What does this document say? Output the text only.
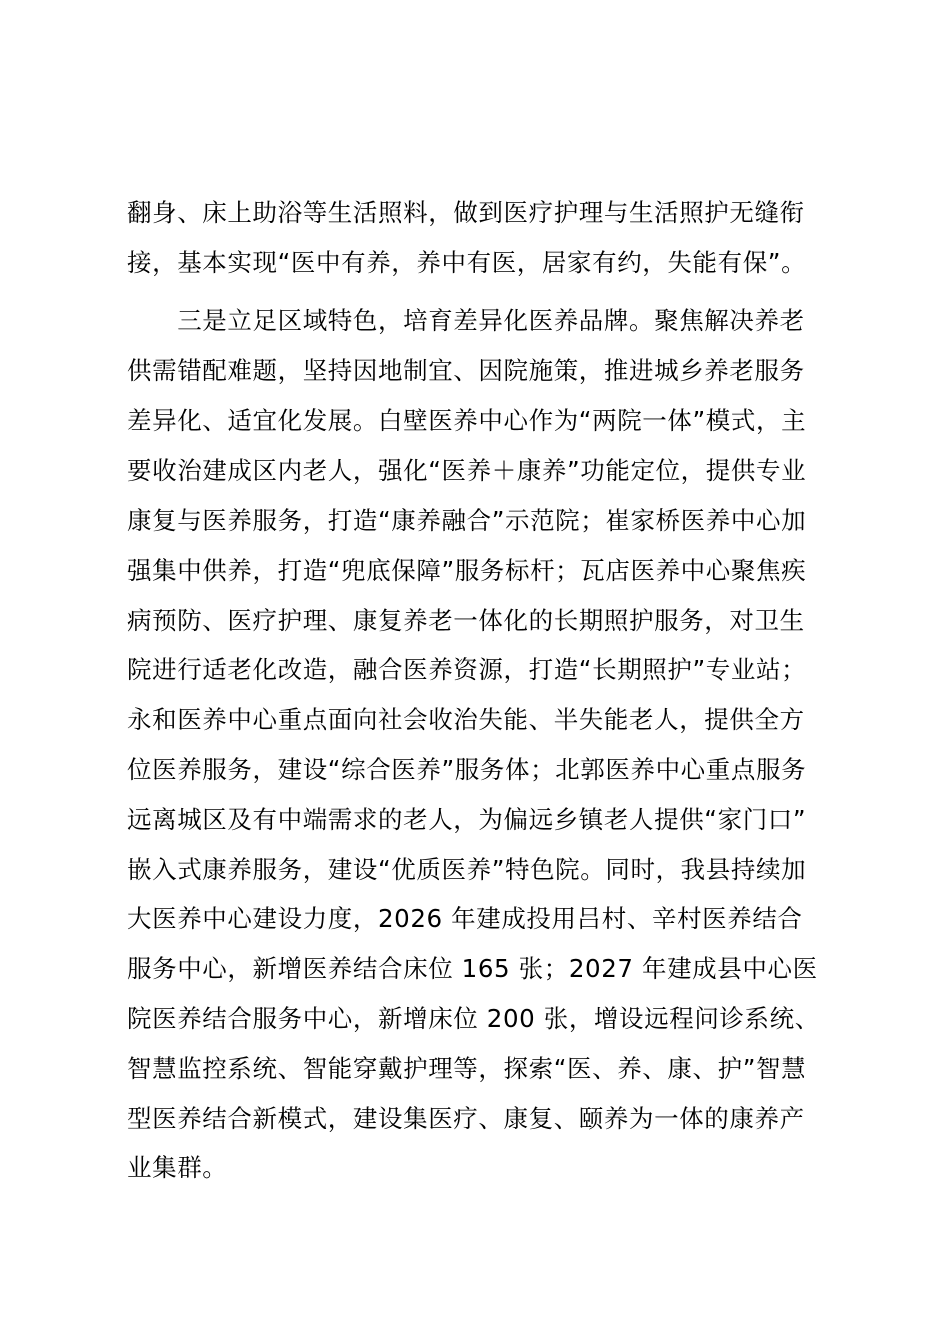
翻身、床上助浴等生活照料，做到医疗护理与生活照护无缝衔
接，基本实现“医中有养，养中有医，居家有约，失能有保”。
　　三是立足区域特色，培育差异化医养品牌。聚焦解决养老
供需错配难题，坚持因地制宜、因院施策，推进城乡养老服务
差异化、适宜化发展。白壁医养中心作为“两院一体”模式，主
要收治建成区内老人，强化“医养＋康养”功能定位，提供专业
康复与医养服务，打造“康养融合”示范院；崔家桥医养中心加
强集中供养，打造“兜底保障”服务标杆；瓦店医养中心聚焦疾
病预防、医疗护理、康复养老一体化的长期照护服务，对卫生
院进行适老化改造，融合医养资源，打造“长期照护”专业站；
永和医养中心重点面向社会收治失能、半失能老人，提供全方
位医养服务，建设“综合医养”服务体；北郭医养中心重点服务
远离城区及有中端需求的老人，为偏远乡镇老人提供“家门口”
嵌入式康养服务，建设“优质医养”特色院。同时，我县持续加
大医养中心建设力度，2026 年建成投用吕村、辛村医养结合
服务中心，新增医养结合床位 165 张；2027 年建成县中心医
院医养结合服务中心，新增床位 200 张，增设远程问诊系统、
智慧监控系统、智能穿戴护理等，探索“医、养、康、护”智慧
型医养结合新模式，建设集医疗、康复、颐养为一体的康养产
业集群。
